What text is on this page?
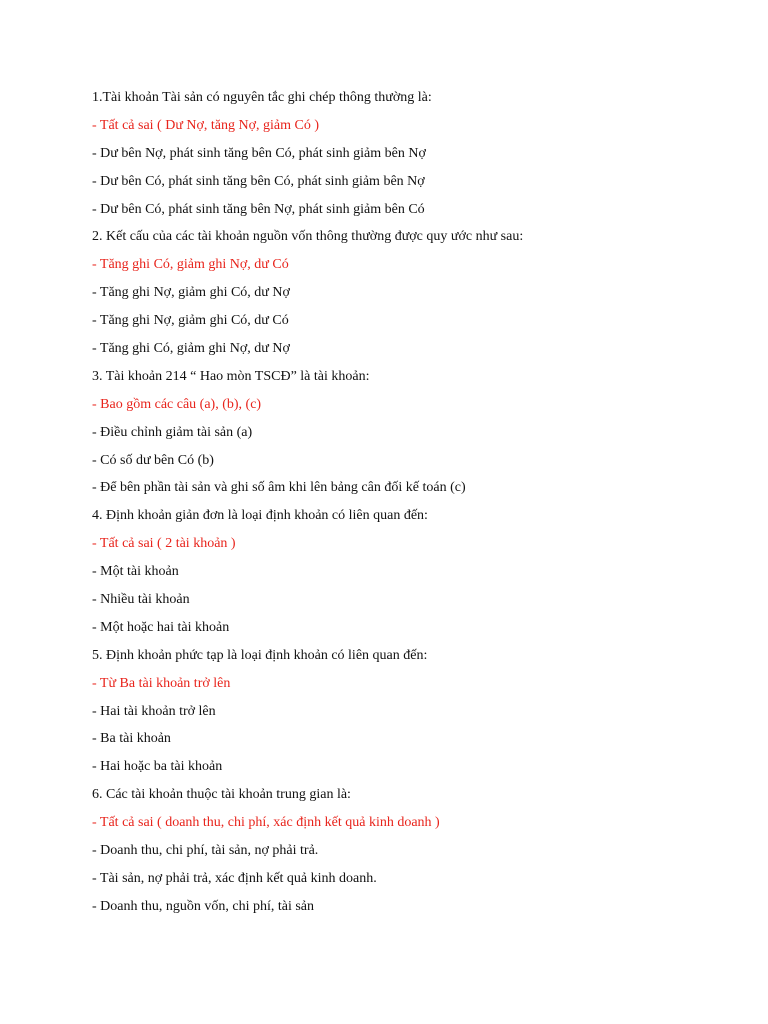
1.Tài khoản Tài sản có nguyên tắc ghi chép thông thường là:
- Tất cả sai ( Dư Nợ, tăng Nợ, giảm Có )
- Dư bên Nợ, phát sinh tăng bên Có, phát sinh giảm bên Nợ
- Dư bên Có, phát sinh tăng bên Có, phát sinh giảm bên Nợ
- Dư bên Có, phát sinh tăng bên Nợ, phát sinh giảm bên Có
2. Kết cấu của các tài khoản nguồn vốn thông thường được quy ước như sau:
- Tăng ghi Có, giảm ghi Nợ, dư Có
- Tăng ghi Nợ, giảm ghi Có, dư Nợ
- Tăng ghi Nợ, giảm ghi Có, dư Có
- Tăng ghi Có, giảm ghi Nợ, dư Nợ
3. Tài khoản 214 “ Hao mòn TSCĐ” là tài khoản:
- Bao gồm các câu (a), (b), (c)
- Điều chỉnh giảm tài sản (a)
- Có số dư bên Có (b)
- Để bên phần tài sản và ghi số âm khi lên bảng cân đối kế toán (c)
4. Định khoản giản đơn là loại định khoản có liên quan đến:
- Tất cả sai ( 2 tài khoản )
- Một tài khoản
- Nhiều tài khoản
- Một hoặc hai tài khoản
5. Định khoản phức tạp là loại định khoản có liên quan đến:
- Từ Ba tài khoản trở lên
- Hai tài khoản trở lên
- Ba tài khoản
- Hai hoặc ba tài khoản
6. Các tài khoản thuộc tài khoản trung gian là:
- Tất cả sai ( doanh thu, chi phí, xác định kết quả kinh doanh )
- Doanh thu, chi phí, tài sản, nợ phải trả.
- Tài sản, nợ phải trả, xác định kết quả kinh doanh.
- Doanh thu, nguồn vốn, chi phí, tài sản
